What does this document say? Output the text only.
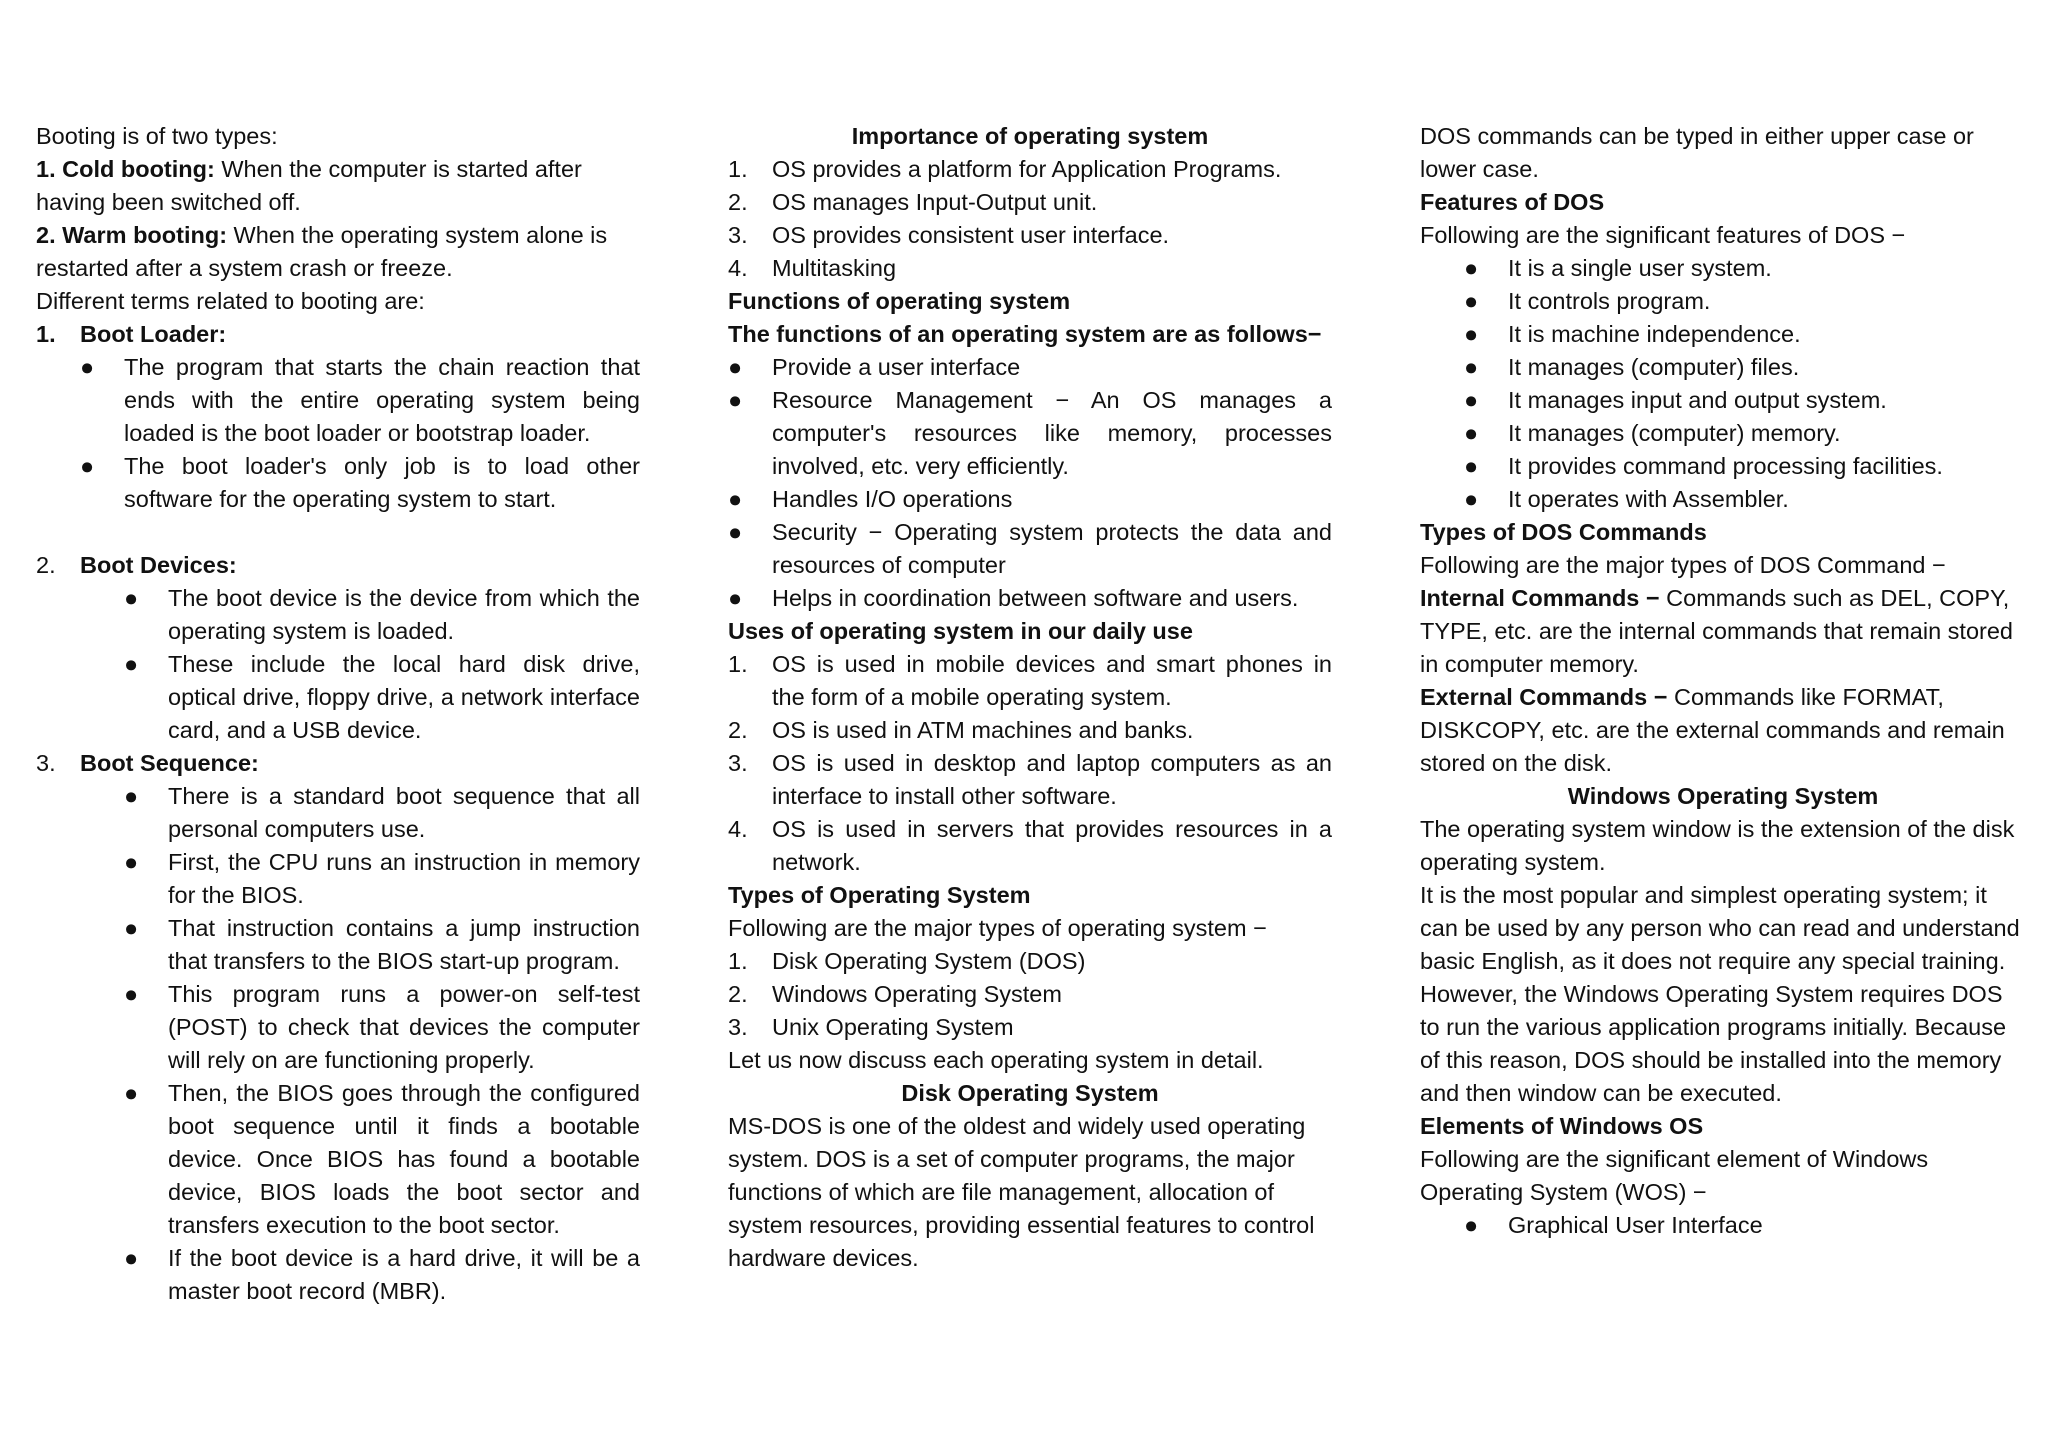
Booting is of two types:

1. Cold booting: When the computer is started after having been switched off.

2. Warm booting: When the operating system alone is restarted after a system crash or freeze.

Different terms related to booting are:

1.	Boot Loader:
●	The program that starts the chain reaction that ends with the entire operating system being loaded is the boot loader or bootstrap loader.
●	The boot loader's only job is to load other software for the operating system to start.
2.	Boot Devices:
●	The boot device is the device from which the operating system is loaded.
●	These include the local hard disk drive, optical drive, floppy drive, a network interface card, and a USB device.
3.	Boot Sequence:
●	There is a standard boot sequence that all personal computers use.
●	First, the CPU runs an instruction in memory for the BIOS.
●	That instruction contains a jump instruction that transfers to the BIOS start-up program.
●	This program runs a power-on self-test (POST) to check that devices the computer will rely on are functioning properly.
●	Then, the BIOS goes through the configured boot sequence until it finds a bootable device. Once BIOS has found a bootable device, BIOS loads the boot sector and transfers execution to the boot sector.
●	If the boot device is a hard drive, it will be a master boot record (MBR).

Importance of operating system

1.	OS provides a platform for Application Programs.
2.	OS manages Input-Output unit.
3.	OS provides consistent user interface.
4.	Multitasking

Functions of operating system

The functions of an operating system are as follows−

●	Provide a user interface
●	Resource Management − An OS manages a computer's resources like memory, processes involved, etc. very efficiently.
●	Handles I/O operations
●	Security − Operating system protects the data and resources of computer
●	Helps in coordination between software and users.

Uses of operating system in our daily use

1.	OS is used in mobile devices and smart phones in the form of a mobile operating system.
2.	OS is used in ATM machines and banks.
3.	OS is used in desktop and laptop computers as an interface to install other software.
4.	OS is used in servers that provides resources in a network.

Types of Operating System

Following are the major types of operating system −

1.	Disk Operating System (DOS)
2.	Windows Operating System
3.	Unix Operating System

Let us now discuss each operating system in detail.

Disk Operating System

MS-DOS is one of the oldest and widely used operating system. DOS is a set of computer programs, the major functions of which are file management, allocation of system resources, providing essential features to control hardware devices.

DOS commands can be typed in either upper case or lower case.

Features of DOS

Following are the significant features of DOS −

●	It is a single user system.
●	It controls program.
●	It is machine independence.
●	It manages (computer) files.
●	It manages input and output system.
●	It manages (computer) memory.
●	It provides command processing facilities.
●	It operates with Assembler.

Types of DOS Commands

Following are the major types of DOS Command −

Internal Commands − Commands such as DEL, COPY, TYPE, etc. are the internal commands that remain stored in computer memory.

External Commands − Commands like FORMAT, DISKCOPY, etc. are the external commands and remain stored on the disk.

Windows Operating System

The operating system window is the extension of the disk operating system.

It is the most popular and simplest operating system; it can be used by any person who can read and understand basic English, as it does not require any special training.

However, the Windows Operating System requires DOS to run the various application programs initially. Because of this reason, DOS should be installed into the memory and then window can be executed.

Elements of Windows OS

Following are the significant element of Windows Operating System (WOS) −

●	Graphical User Interface
